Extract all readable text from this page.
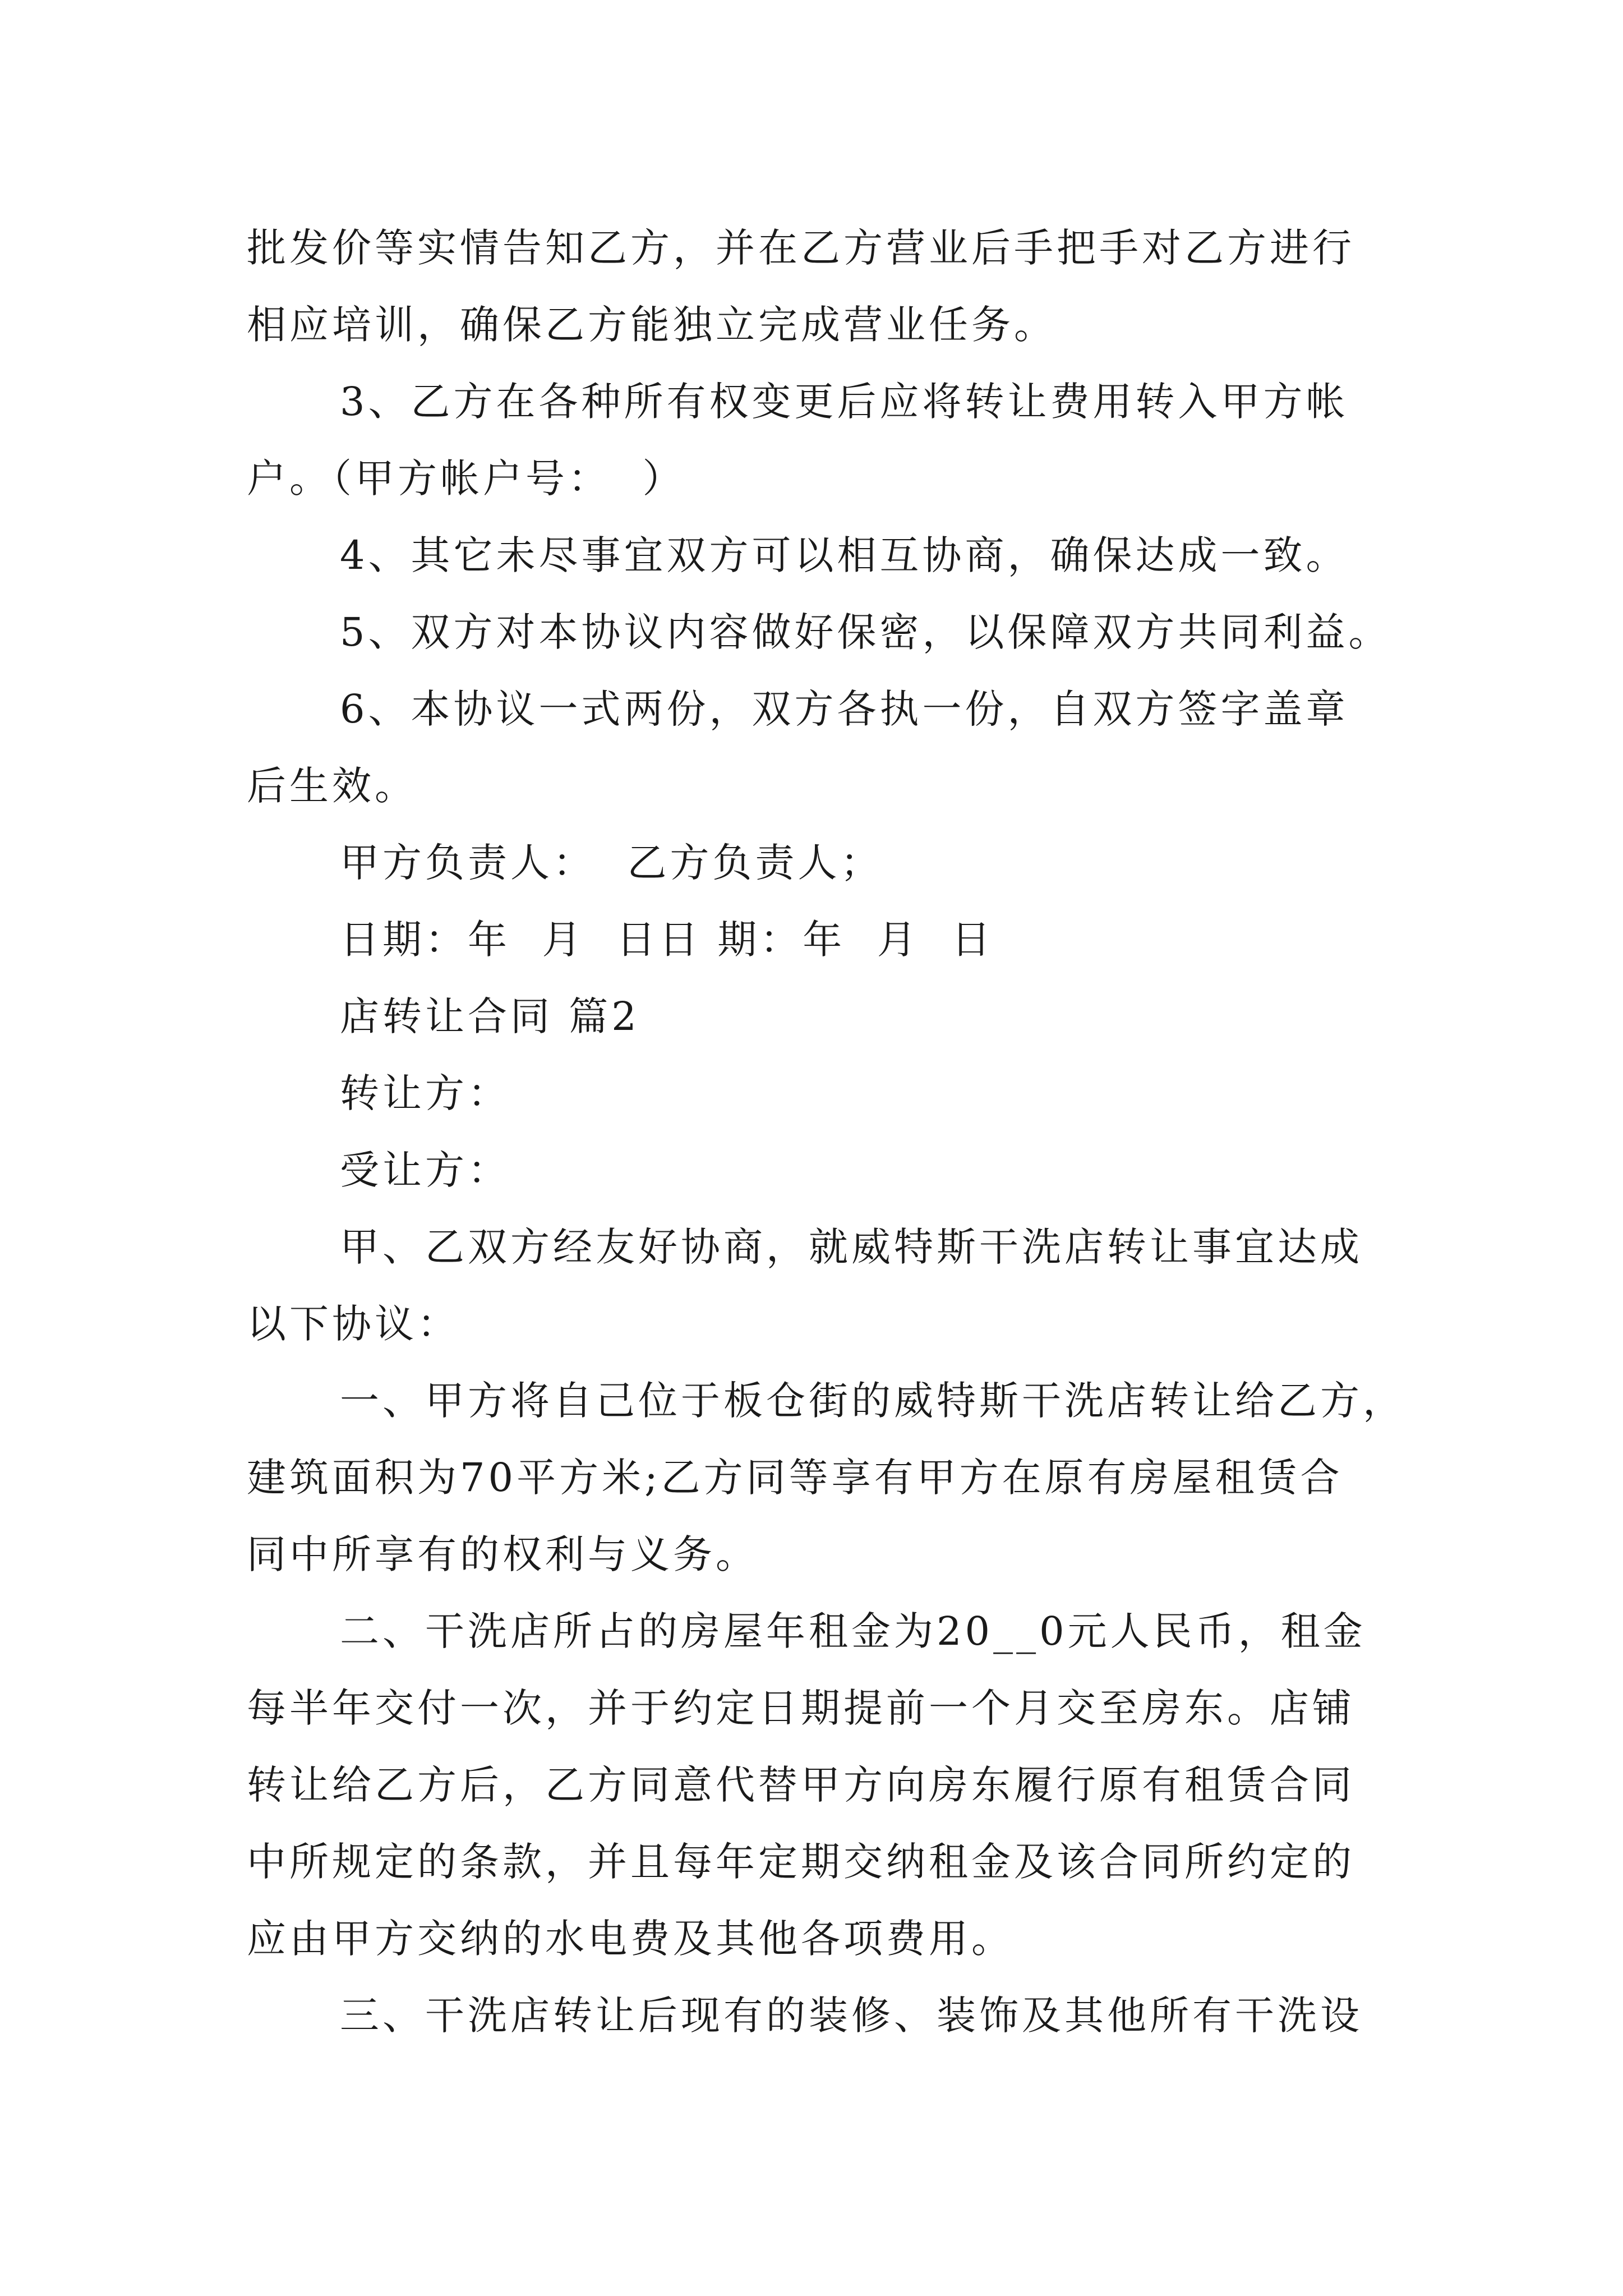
批发价等实情告知乙方，并在乙方营业后手把手对乙方进行
相应培训，确保乙方能独立完成营业任务。
3、乙方在各种所有权变更后应将转让费用转入甲方帐
户。（甲方帐户号：  ）
4、其它未尽事宜双方可以相互协商，确保达成一致。
5、双方对本协议内容做好保密，以保障双方共同利益。
6、本协议一式两份，双方各执一份，自双方签字盖章
后生效。
甲方负责人：  乙方负责人；
日期：年  月  日日 期：年  月  日
店转让合同 篇2
转让方：
受让方：
甲、乙双方经友好协商，就威特斯干洗店转让事宜达成
以下协议：
一、甲方将自己位于板仓街的威特斯干洗店转让给乙方，
建筑面积为70平方米;乙方同等享有甲方在原有房屋租赁合
同中所享有的权利与义务。
二、干洗店所占的房屋年租金为20__0元人民币，租金
每半年交付一次，并于约定日期提前一个月交至房东。店铺
转让给乙方后，乙方同意代替甲方向房东履行原有租赁合同
中所规定的条款，并且每年定期交纳租金及该合同所约定的
应由甲方交纳的水电费及其他各项费用。
三、干洗店转让后现有的装修、装饰及其他所有干洗设
